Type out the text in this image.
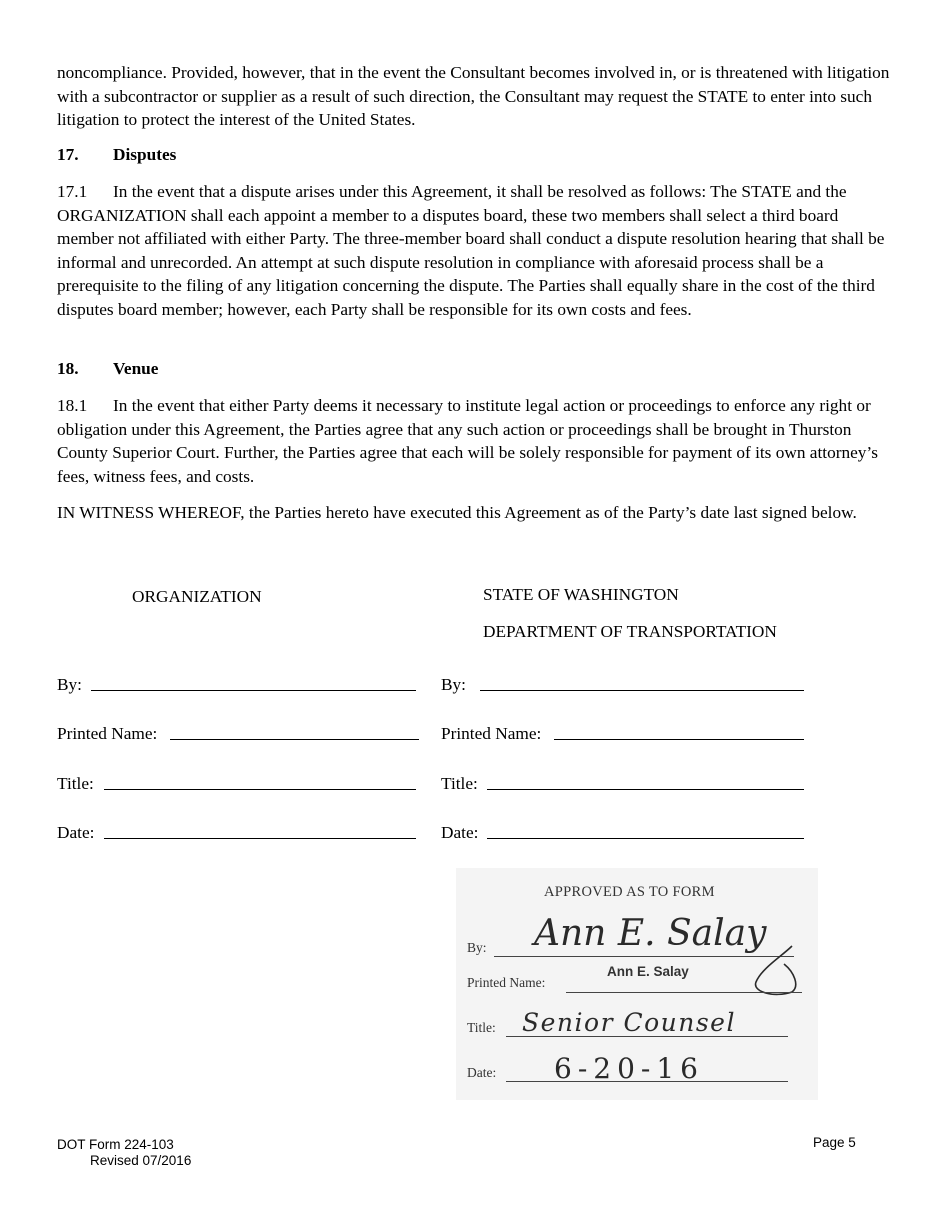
noncompliance. Provided, however, that in the event the Consultant becomes involved in, or is threatened with litigation with a subcontractor or supplier as a result of such direction, the Consultant may request the STATE to enter into such litigation to protect the interest of the United States.

17. Disputes

17.1 In the event that a dispute arises under this Agreement, it shall be resolved as follows: The STATE and the ORGANIZATION shall each appoint a member to a disputes board, these two members shall select a third board member not affiliated with either Party. The three-member board shall conduct a dispute resolution hearing that shall be informal and unrecorded. An attempt at such dispute resolution in compliance with aforesaid process shall be a prerequisite to the filing of any litigation concerning the dispute. The Parties shall equally share in the cost of the third disputes board member; however, each Party shall be responsible for its own costs and fees.

18. Venue

18.1 In the event that either Party deems it necessary to institute legal action or proceedings to enforce any right or obligation under this Agreement, the Parties agree that any such action or proceedings shall be brought in Thurston County Superior Court. Further, the Parties agree that each will be solely responsible for payment of its own attorney’s fees, witness fees, and costs.

IN WITNESS WHEREOF, the Parties hereto have executed this Agreement as of the Party’s date last signed below.

ORGANIZATION	STATE OF WASHINGTON
DEPARTMENT OF TRANSPORTATION
By:
Printed Name:
Title:
Date:
By:
Printed Name:
Title:
Date:
APPROVED AS TO FORM
By: Ann E. Salay
Printed Name:
Ann E. Salay
Title: Senior Counsel
Date: 6-20-16
DOT Form 224-103
Revised 07/2016
Page 5
